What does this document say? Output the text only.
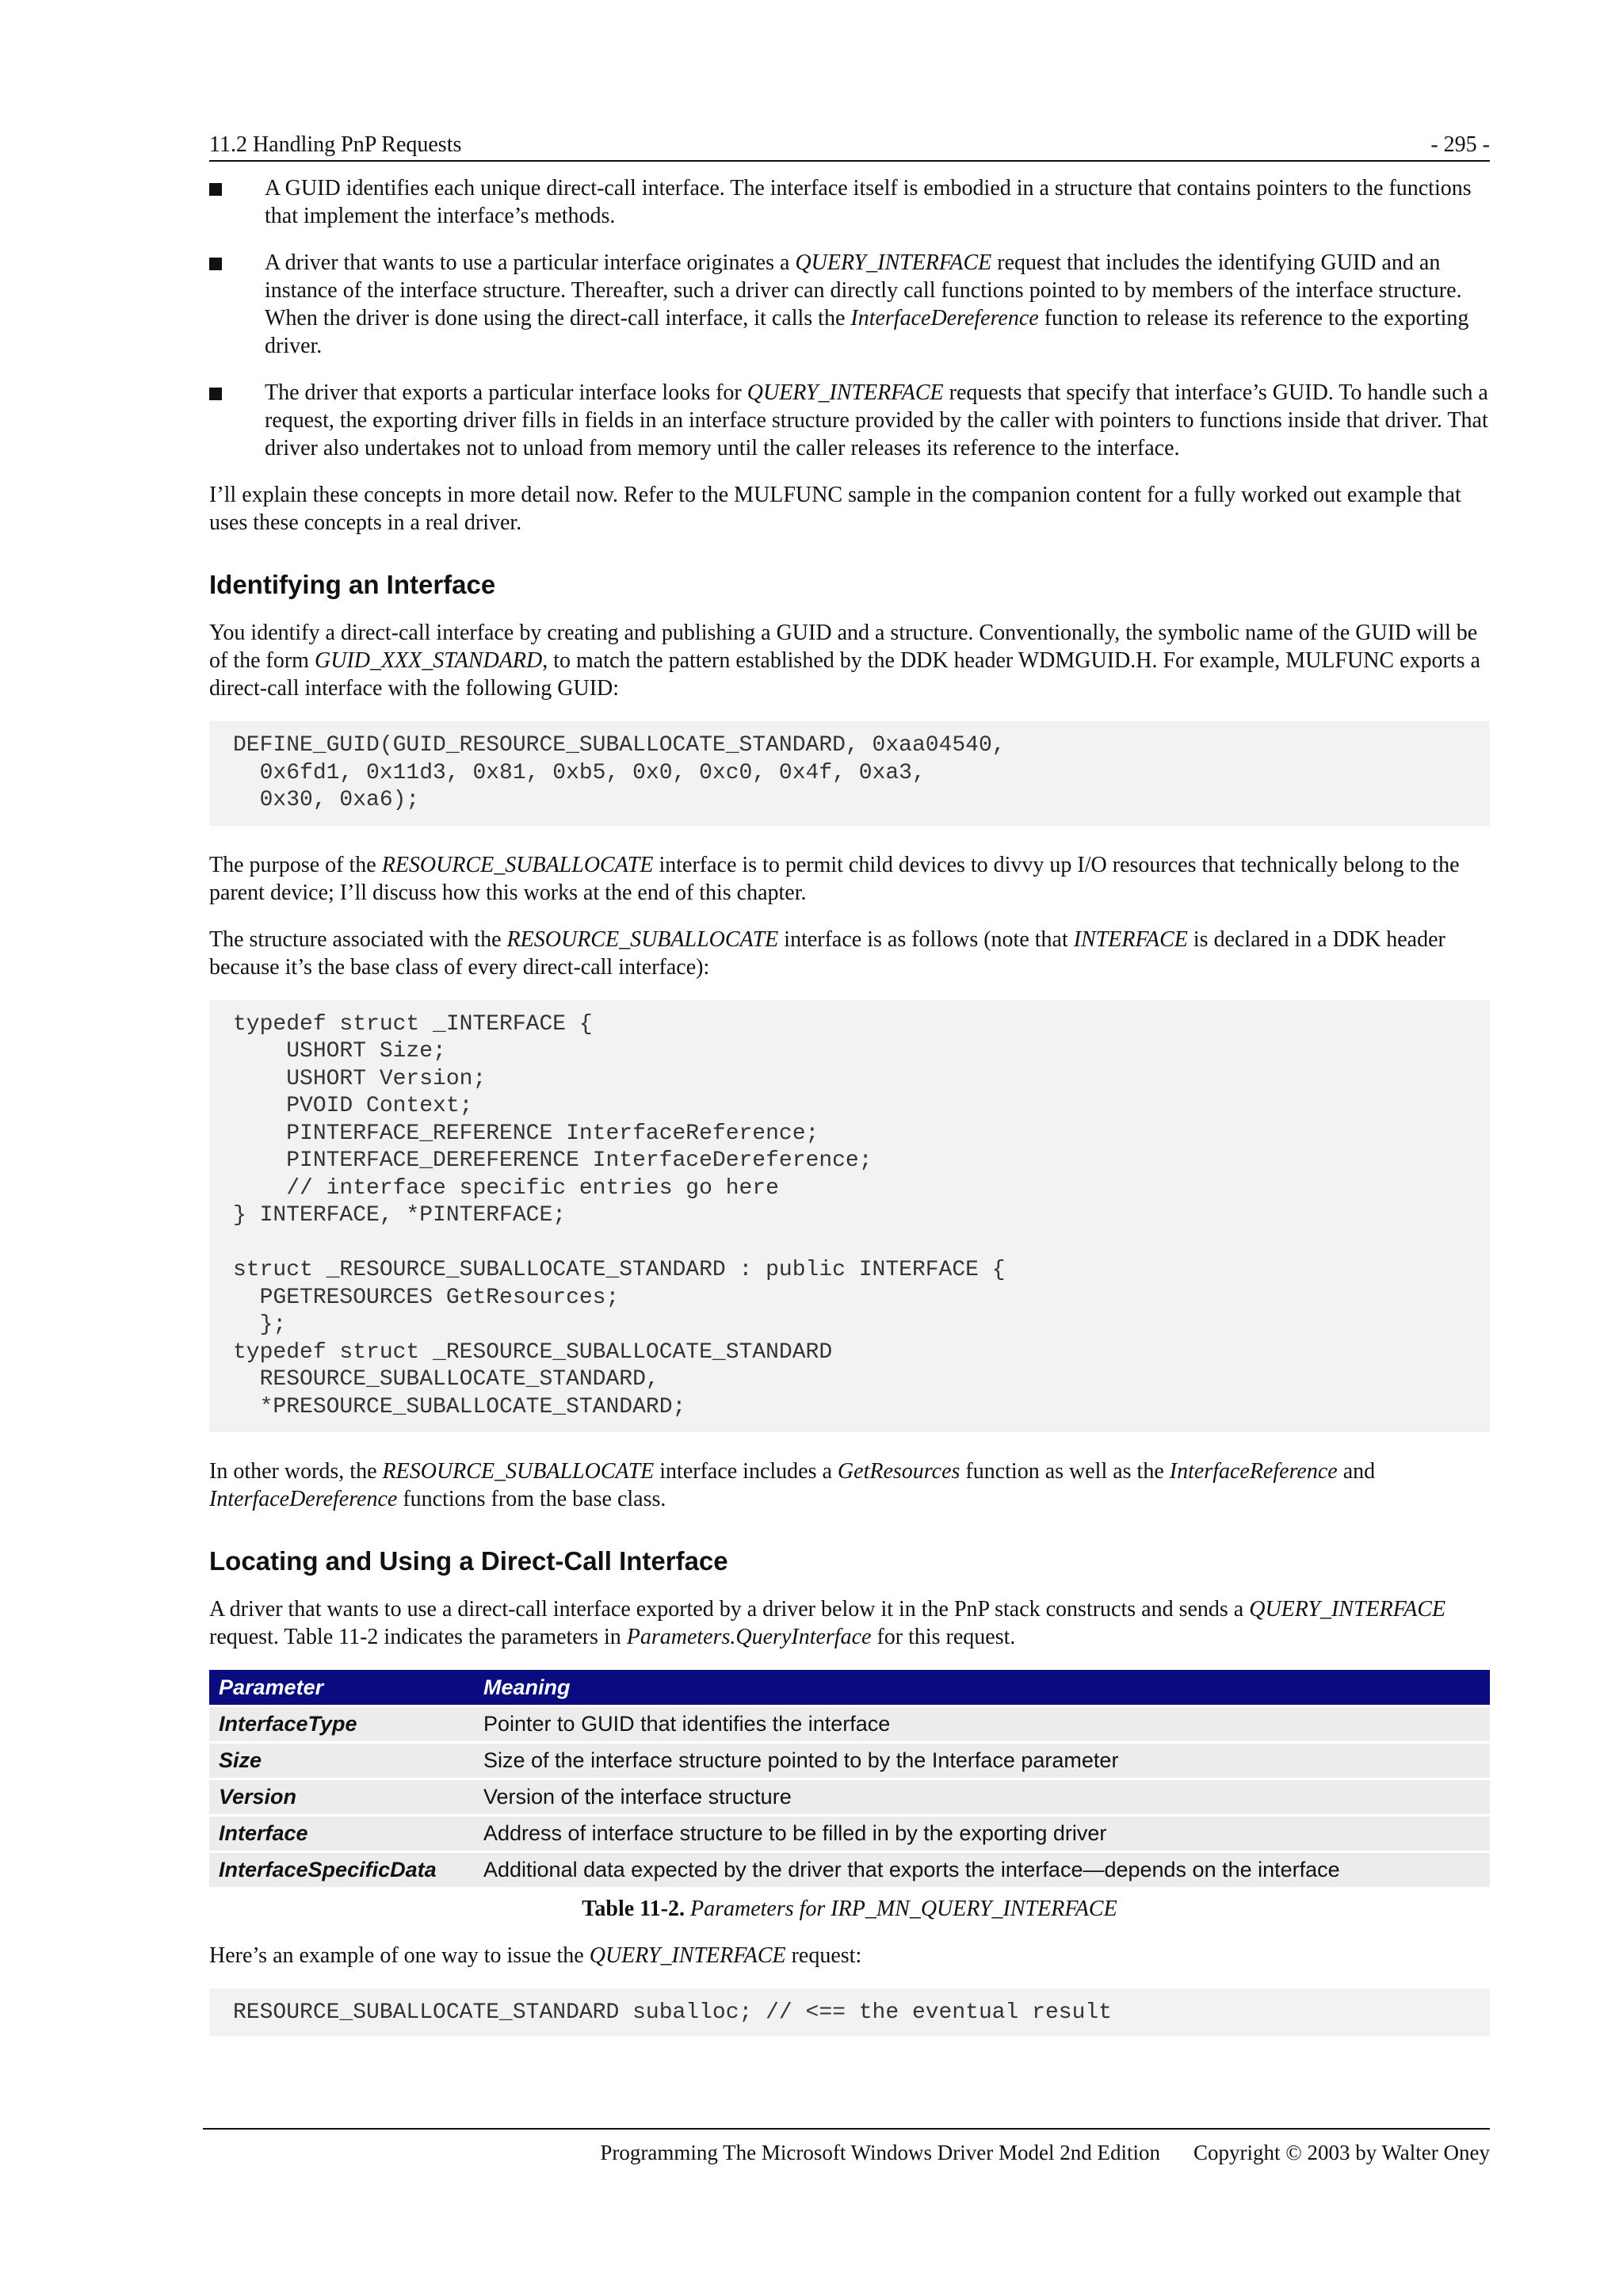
11.2 Handling PnP Requests	- 295 -
A GUID identifies each unique direct-call interface. The interface itself is embodied in a structure that contains pointers to the functions that implement the interface’s methods.
A driver that wants to use a particular interface originates a QUERY_INTERFACE request that includes the identifying GUID and an instance of the interface structure. Thereafter, such a driver can directly call functions pointed to by members of the interface structure. When the driver is done using the direct-call interface, it calls the InterfaceDereference function to release its reference to the exporting driver.
The driver that exports a particular interface looks for QUERY_INTERFACE requests that specify that interface’s GUID. To handle such a request, the exporting driver fills in fields in an interface structure provided by the caller with pointers to functions inside that driver. That driver also undertakes not to unload from memory until the caller releases its reference to the interface.

I’ll explain these concepts in more detail now. Refer to the MULFUNC sample in the companion content for a fully worked out example that uses these concepts in a real driver.

Identifying an Interface

You identify a direct-call interface by creating and publishing a GUID and a structure. Conventionally, the symbolic name of the GUID will be of the form GUID_XXX_STANDARD, to match the pattern established by the DDK header WDMGUID.H. For example, MULFUNC exports a direct-call interface with the following GUID:

DEFINE_GUID(GUID_RESOURCE_SUBALLOCATE_STANDARD, 0xaa04540,
0x6fd1, 0x11d3, 0x81, 0xb5, 0x0, 0xc0, 0x4f, 0xa3,
0x30, 0xa6);

The purpose of the RESOURCE_SUBALLOCATE interface is to permit child devices to divvy up I/O resources that technically belong to the parent device; I’ll discuss how this works at the end of this chapter.

The structure associated with the RESOURCE_SUBALLOCATE interface is as follows (note that INTERFACE is declared in a DDK header because it’s the base class of every direct-call interface):

typedef struct _INTERFACE {
USHORT Size;
USHORT Version;
PVOID Context;
PINTERFACE_REFERENCE InterfaceReference;
PINTERFACE_DEREFERENCE InterfaceDereference;
// interface specific entries go here
} INTERFACE, *PINTERFACE;

struct _RESOURCE_SUBALLOCATE_STANDARD : public INTERFACE {
PGETRESOURCES GetResources;
};
typedef struct _RESOURCE_SUBALLOCATE_STANDARD
RESOURCE_SUBALLOCATE_STANDARD,
*PRESOURCE_SUBALLOCATE_STANDARD;

In other words, the RESOURCE_SUBALLOCATE interface includes a GetResources function as well as the InterfaceReference and InterfaceDereference functions from the base class.

Locating and Using a Direct-Call Interface

A driver that wants to use a direct-call interface exported by a driver below it in the PnP stack constructs and sends a QUERY_INTERFACE request. Table 11-2 indicates the parameters in Parameters.QueryInterface for this request.

Parameter	Meaning
InterfaceType	Pointer to GUID that identifies the interface
Size	Size of the interface structure pointed to by the Interface parameter
Version	Version of the interface structure
Interface	Address of interface structure to be filled in by the exporting driver
InterfaceSpecificData	Additional data expected by the driver that exports the interface—depends on the interface
Table 11-2. Parameters for IRP_MN_QUERY_INTERFACE

Here’s an example of one way to issue the QUERY_INTERFACE request:

RESOURCE_SUBALLOCATE_STANDARD suballoc; // <== the eventual result
Programming The Microsoft Windows Driver Model 2nd Edition Copyright © 2003 by Walter Oney
